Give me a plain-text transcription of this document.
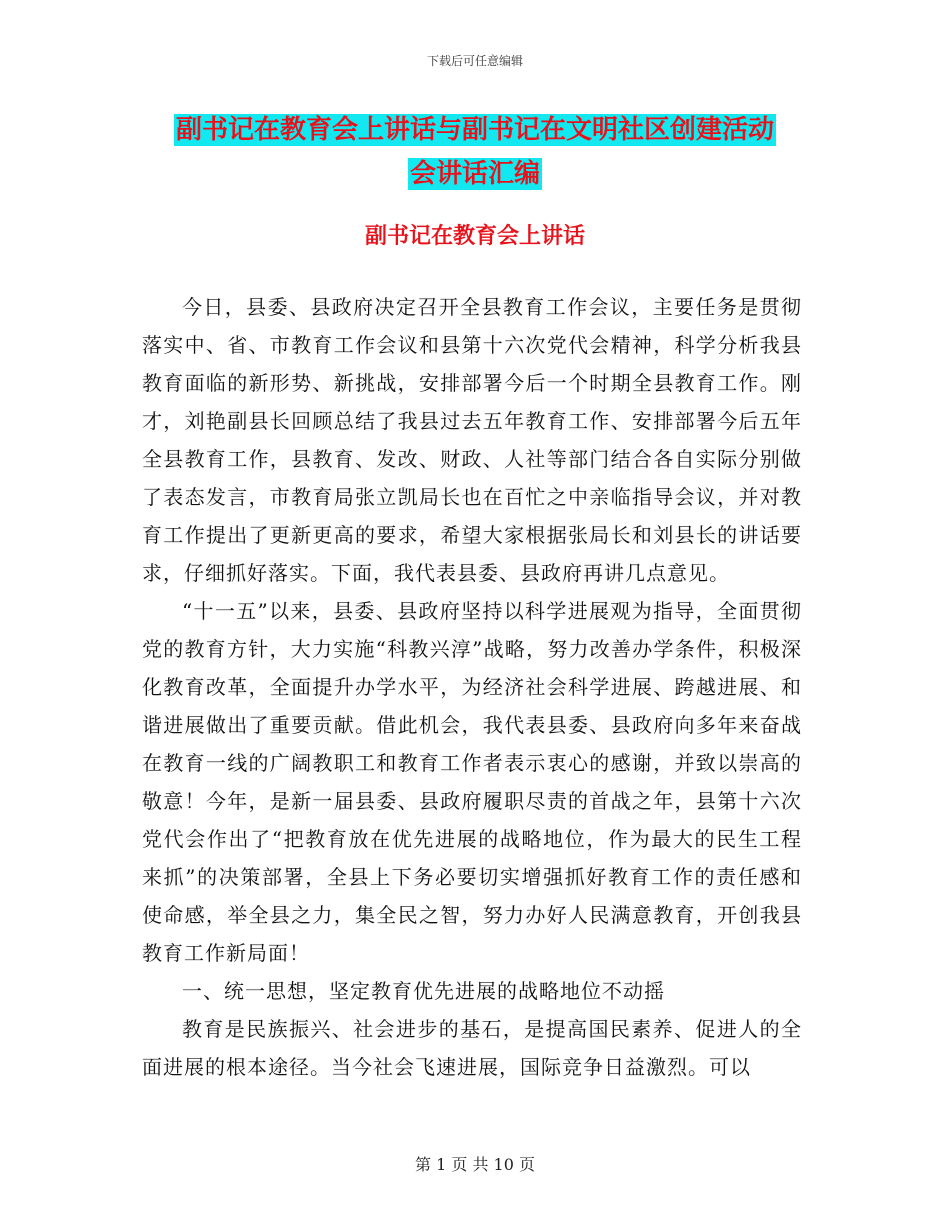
下载后可任意编辑
副书记在教育会上讲话与副书记在文明社区创建活动
会讲话汇编
副书记在教育会上讲话

今日，县委、县政府决定召开全县教育工作会议，主要任务是贯彻落实中、省、市教育工作会议和县第十六次党代会精神，科学分析我县教育面临的新形势、新挑战，安排部署今后一个时期全县教育工作。刚才，刘艳副县长回顾总结了我县过去五年教育工作、安排部署今后五年全县教育工作，县教育、发改、财政、人社等部门结合各自实际分别做了表态发言，市教育局张立凯局长也在百忙之中亲临指导会议，并对教育工作提出了更新更高的要求，希望大家根据张局长和刘县长的讲话要求，仔细抓好落实。下面，我代表县委、县政府再讲几点意见。

“十一五”以来，县委、县政府坚持以科学进展观为指导，全面贯彻党的教育方针，大力实施“科教兴淳”战略，努力改善办学条件，积极深化教育改革，全面提升办学水平，为经济社会科学进展、跨越进展、和谐进展做出了重要贡献。借此机会，我代表县委、县政府向多年来奋战在教育一线的广阔教职工和教育工作者表示衷心的感谢，并致以崇高的敬意！今年，是新一届县委、县政府履职尽责的首战之年，县第十六次党代会作出了“把教育放在优先进展的战略地位，作为最大的民生工程来抓”的决策部署，全县上下务必要切实增强抓好教育工作的责任感和使命感，举全县之力，集全民之智，努力办好人民满意教育，开创我县教育工作新局面！

一、统一思想，坚定教育优先进展的战略地位不动摇

教育是民族振兴、社会进步的基石，是提高国民素养、促进人的全面进展的根本途径。当今社会飞速进展，国际竞争日益激烈。可以

第 1 页 共 10 页
